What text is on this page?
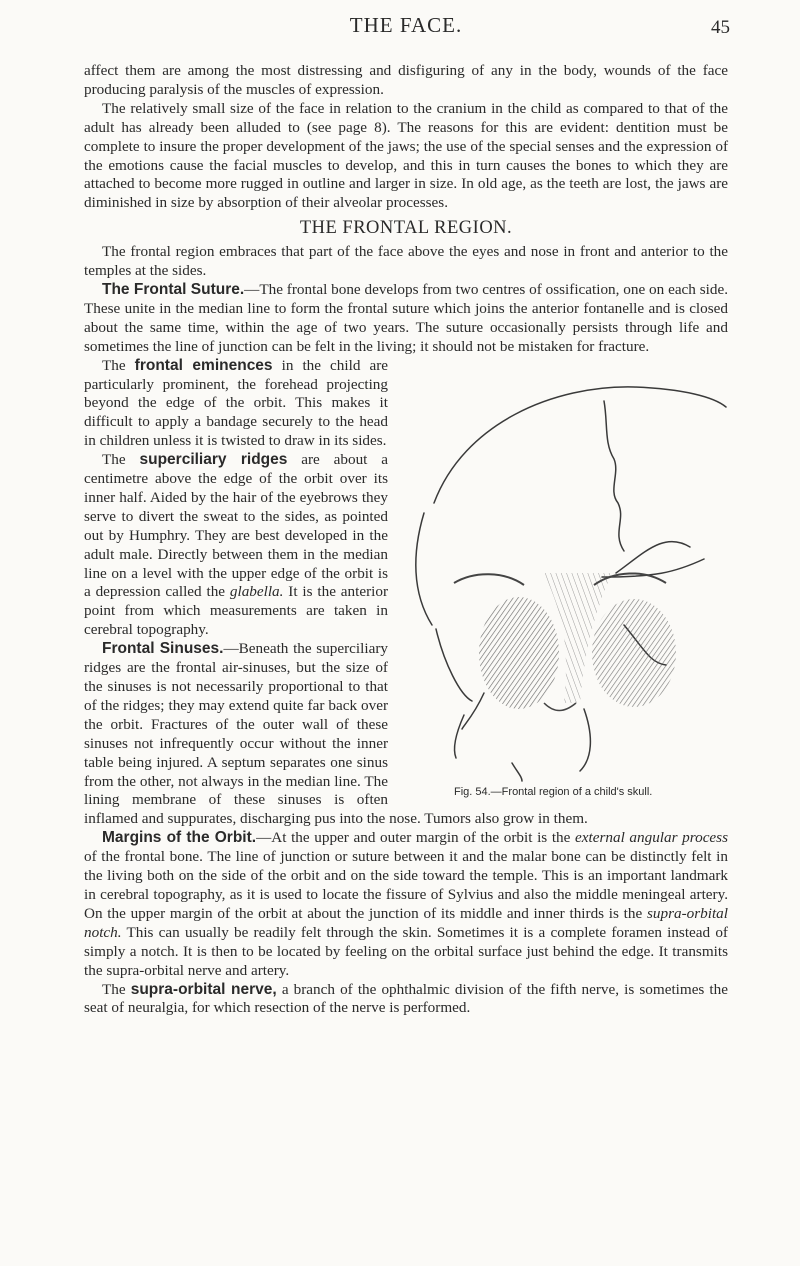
THE FACE.	45

affect them are among the most distressing and disfiguring of any in the body, wounds of the face producing paralysis of the muscles of expression.

The relatively small size of the face in relation to the cranium in the child as compared to that of the adult has already been alluded to (see page 8). The reasons for this are evident: dentition must be complete to insure the proper development of the jaws; the use of the special senses and the expression of the emotions cause the facial muscles to develop, and this in turn causes the bones to which they are attached to become more rugged in outline and larger in size. In old age, as the teeth are lost, the jaws are diminished in size by absorption of their alveolar processes.

THE FRONTAL REGION.

The frontal region embraces that part of the face above the eyes and nose in front and anterior to the temples at the sides.

The Frontal Suture.—The frontal bone develops from two centres of ossification, one on each side. These unite in the median line to form the frontal suture which joins the anterior fontanelle and is closed about the same time, within the age of two years. The suture occasionally persists through life and sometimes the line of junction can be felt in the living; it should not be mistaken for fracture.

Fig. 54.—Frontal region of a child's skull.

The frontal eminences in the child are particularly prominent, the forehead projecting beyond the edge of the orbit. This makes it difficult to apply a bandage securely to the head in children unless it is twisted to draw in its sides.

The superciliary ridges are about a centimetre above the edge of the orbit over its inner half. Aided by the hair of the eyebrows they serve to divert the sweat to the sides, as pointed out by Humphry. They are best developed in the adult male. Directly between them in the median line on a level with the upper edge of the orbit is a depression called the glabella. It is the anterior point from which measurements are taken in cerebral topography.

Frontal Sinuses.—Beneath the superciliary ridges are the frontal air-sinuses, but the size of the sinuses is not necessarily proportional to that of the ridges; they may extend quite far back over the orbit. Fractures of the outer wall of these sinuses not infrequently occur without the inner table being injured. A septum separates one sinus from the other, not always in the median line. The lining membrane of these sinuses is often inflamed and suppurates, discharging pus into the nose. Tumors also grow in them.

Margins of the Orbit.—At the upper and outer margin of the orbit is the external angular process of the frontal bone. The line of junction or suture between it and the malar bone can be distinctly felt in the living both on the side of the orbit and on the side toward the temple. This is an important landmark in cerebral topography, as it is used to locate the fissure of Sylvius and also the middle meningeal artery. On the upper margin of the orbit at about the junction of its middle and inner thirds is the supra-orbital notch. This can usually be readily felt through the skin. Sometimes it is a complete foramen instead of simply a notch. It is then to be located by feeling on the orbital surface just behind the edge. It transmits the supra-orbital nerve and artery.

The supra-orbital nerve, a branch of the ophthalmic division of the fifth nerve, is sometimes the seat of neuralgia, for which resection of the nerve is performed.
